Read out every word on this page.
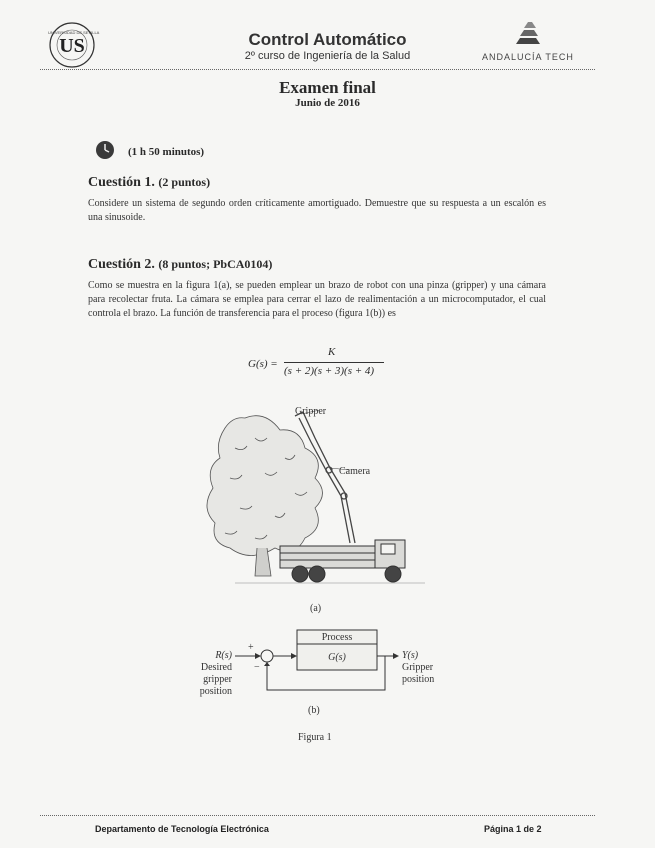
US
UNIVERSIDAD DE SEVILLA	Control Automático
2º curso de Ingeniería de la Salud	ANDALUCÍA TECH
Examen final
Junio de 2016
(1 h 50 minutos)
Cuestión 1. (2 puntos)
Considere un sistema de segundo orden críticamente amortiguado. Demuestre que su respuesta a un escalón es una sinusoide.
Cuestión 2. (8 puntos; PbCA0104)
Como se muestra en la figura 1(a), se pueden emplear un brazo de robot con una pinza (gripper) y una cámara para recolectar fruta. La cámara se emplea para cerrar el lazo de realimentación a un microcomputador, el cual controla el brazo. La función de transferencia para el proceso (figura 1(b)) es
G(s) =
K
(s + 2)(s + 3)(s + 4)
Gripper
Camera
(a)
Process
G(s)
+
−
R(s)
Desired
gripper
position
Y(s)
Gripper
position
(b)
Figura 1
Departamento de Tecnología Electrónica	Página 1 de 2
